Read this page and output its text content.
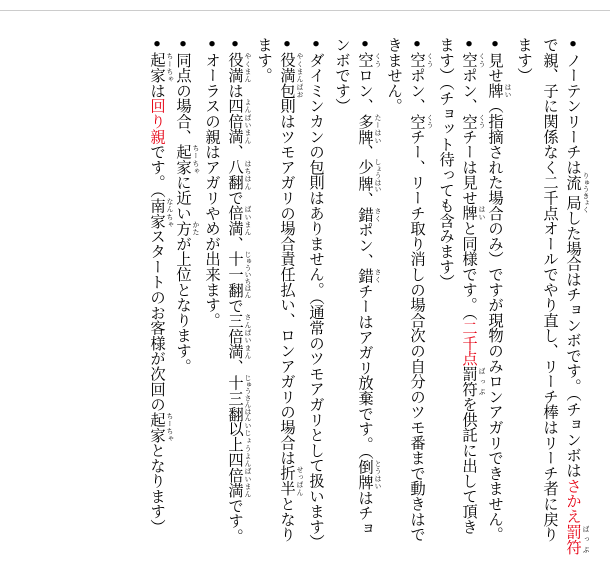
•ノーテンリーチは流局 りゅうきょくした場合はチョンボです。（チョンボはさかえ罰符 ばっぷ
で親、子に関係なく二千点オールでやり直し、リーチ棒はリーチ者に戻り
ます）
•見せ牌 はい（指摘された場合のみ）ですが現物のみロンアガリできません。
•空 くうポン、空 くうチーは見せ牌 はいと同様です。（二千点罰符 ばっぷを供託に出して頂き
ます）（チョット待っても含みます）
•空 くうポン、空 くうチー、リーチ取り消しの場合次の自分のツモ番まで動きはで
きません。
•空 くうロン、多牌 たーはい、少牌 しょうはい、錯 さくポン、錯 さくチーはアガリ放棄です。（倒牌 とうはいはチョ
ンボです）
•ダイミンカンの包則はありません。（通常のツモアガリとして扱います）
•役満 やくまん包 ぱお則はツモアガリの場合責任払い、ロンアガリの場合は折半 せっぱんとなり
ます。
•役満 やくまんは四倍満 よんばいまん、八翻 はちはんで倍満 ばいまん、十一翻 じゅういちはんで三倍満 さんばいまん、十三翻 じゅうさんはん以上 いじょう四倍満 よんばいまんです。
•オーラスの親はアガリやめが出来ます。
•同点の場合、起家 ちーちゃに近い方 かたが上位となります。
•起家 ちーちゃは回り親です。（南家 なんちゃスタートのお客様が次回の起家 ちーちゃとなります）
